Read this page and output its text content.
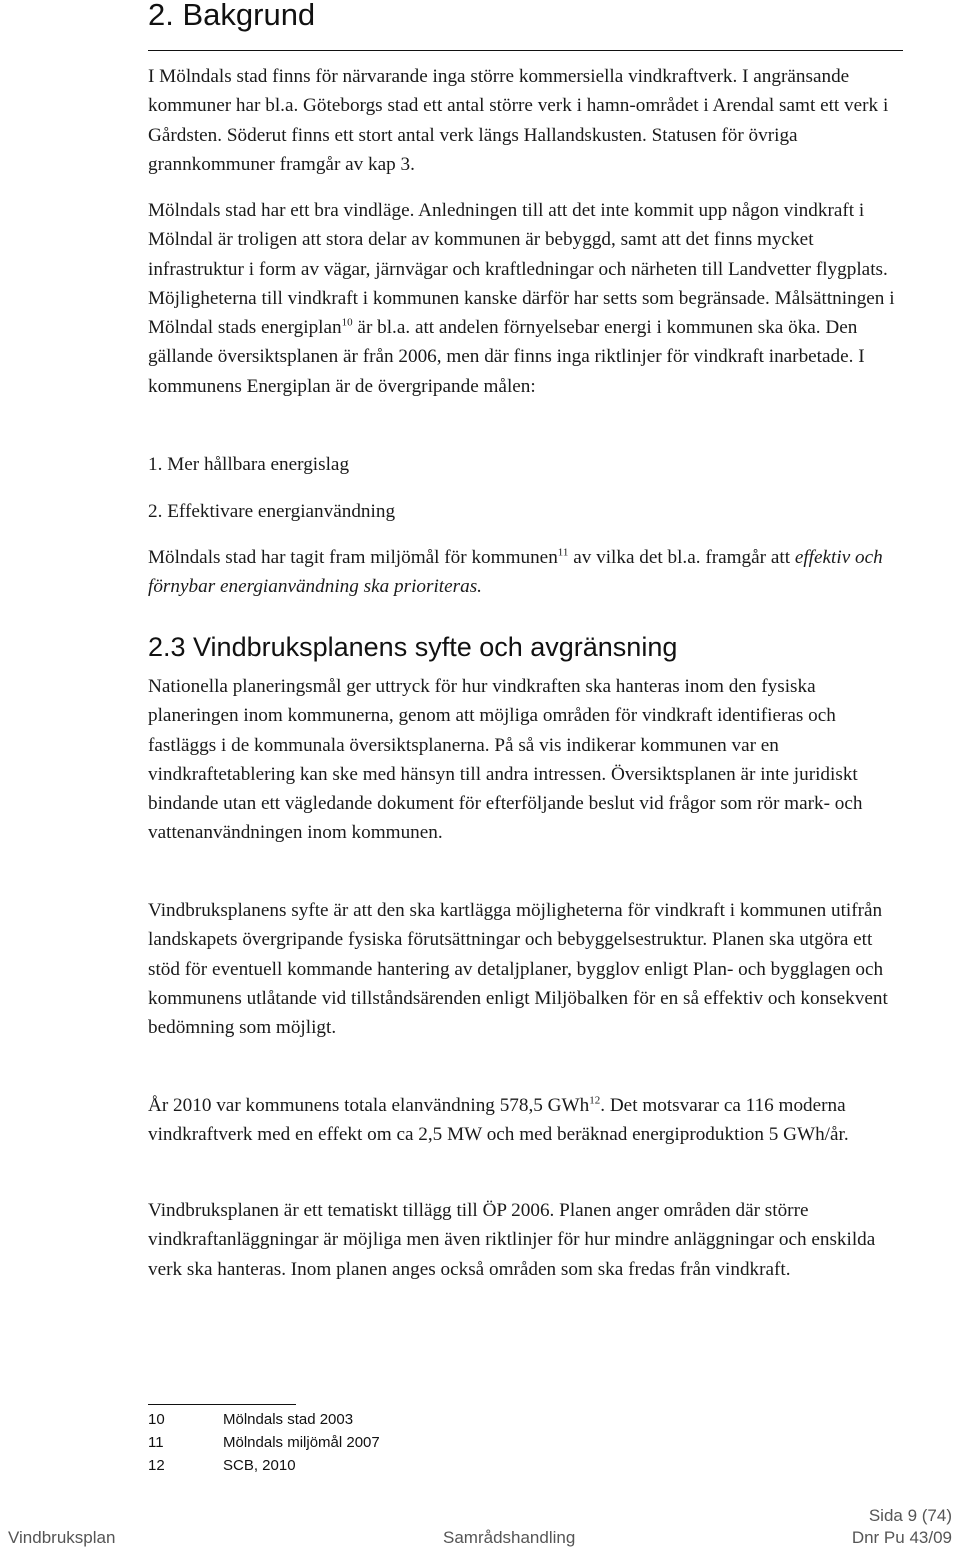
2. Bakgrund

I Mölndals stad finns för närvarande inga större kommersiella vindkraftverk. I angränsande kommuner har bl.a. Göteborgs stad ett antal större verk i hamn-området i Arendal samt ett verk i Gårdsten. Söderut finns ett stort antal verk längs Hallandskusten. Statusen för övriga grannkommuner framgår av kap 3.

Mölndals stad har ett bra vindläge. Anledningen till att det inte kommit upp någon vindkraft i Mölndal är troligen att stora delar av kommunen är bebyggd, samt att det finns mycket infrastruktur i form av vägar, järnvägar och kraftledningar och närheten till Landvetter flygplats. Möjligheterna till vindkraft i kommunen kanske därför har setts som begränsade. Målsättningen i Mölndal stads energiplan$^{10}$ är bl.a. att andelen förnyelsebar energi i kommunen ska öka. Den gällande översiktsplanen är från 2006, men där finns inga riktlinjer för vindkraft inarbetade. I kommunens Energiplan är de övergripande målen:

1. Mer hållbara energislag

2. Effektivare energianvändning

Mölndals stad har tagit fram miljömål för kommunen$^{11}$ av vilka det bl.a. framgår att effektiv och förnybar energianvändning ska prioriteras.

2.3 Vindbruksplanens syfte och avgränsning

Nationella planeringsmål ger uttryck för hur vindkraften ska hanteras inom den fysiska planeringen inom kommunerna, genom att möjliga områden för vindkraft identifieras och fastläggs i de kommunala översiktsplanerna. På så vis indikerar kommunen var en vindkraftetablering kan ske med hänsyn till andra intressen. Översiktsplanen är inte juridiskt bindande utan ett vägledande dokument för efterföljande beslut vid frågor som rör mark- och vattenanvändningen inom kommunen.

Vindbruksplanens syfte är att den ska kartlägga möjligheterna för vindkraft i kommunen utifrån landskapets övergripande fysiska förutsättningar och bebyggelsestruktur. Planen ska utgöra ett stöd för eventuell kommande hantering av detaljplaner, bygglov enligt Plan- och bygglagen och kommunens utlåtande vid tillståndsärenden enligt Miljöbalken för en så effektiv och konsekvent bedömning som möjligt.

År 2010 var kommunens totala elanvändning 578,5 GWh$^{12}$. Det motsvarar ca 116 moderna vindkraftverk med en effekt om ca 2,5 MW och med beräknad energiproduktion 5 GWh/år.

Vindbruksplanen är ett tematiskt tillägg till ÖP 2006. Planen anger områden där större vindkraftanläggningar är möjliga men även riktlinjer för hur mindre anläggningar och enskilda verk ska hanteras. Inom planen anges också områden som ska fredas från vindkraft.

10	Mölndals stad 2003

11	Mölndals miljömål 2007

12	SCB, 2010

Sida 9 (74)
Vindbruksplan	Samrådshandling	Dnr Pu 43/09
